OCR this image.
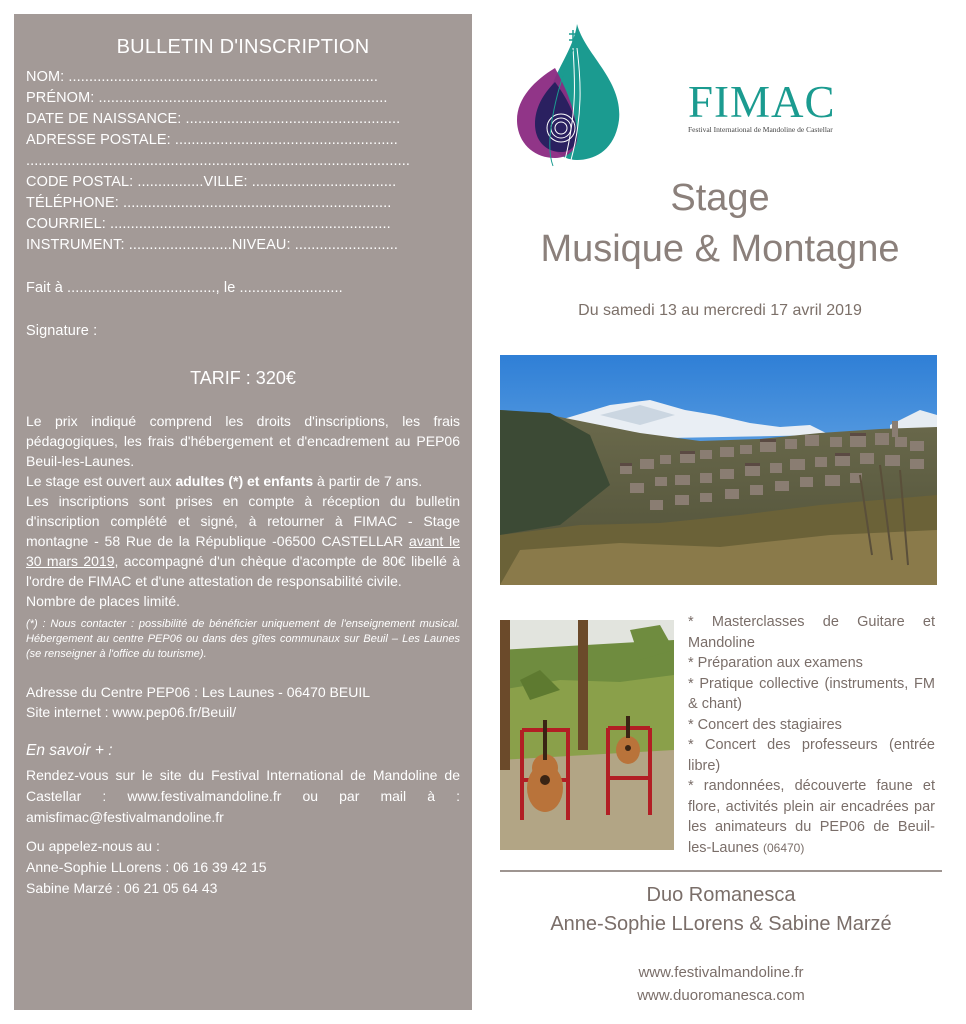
BULLETIN D'INSCRIPTION
NOM: ...........................................................................
PRÉNOM: ......................................................................
DATE DE NAISSANCE: ....................................................
ADRESSE POSTALE: ......................................................
.............................................................................................
CODE POSTAL: ................VILLE: ...................................
TÉLÉPHONE: .................................................................
COURRIEL: ....................................................................
INSTRUMENT: .........................NIVEAU: .........................
Fait à ...................................., le .........................
Signature :
TARIF : 320€
Le prix indiqué comprend les droits d'inscriptions, les frais pédagogiques, les frais d'hébergement et d'encadrement au PEP06 Beuil-les-Launes.
Le stage est ouvert aux adultes (*) et enfants à partir de 7 ans.
Les inscriptions sont prises en compte à réception du bulletin d'inscription complété et signé, à retourner à FIMAC - Stage montagne - 58 Rue de la République -06500 CASTELLAR avant le 30 mars 2019, accompagné d'un chèque d'acompte de 80€ libellé à l'ordre de FIMAC et d'une attestation de responsabilité civile.
Nombre de places limité.
(*) : Nous contacter : possibilité de bénéficier uniquement de l'enseignement musical. Hébergement au centre PEP06 ou dans des gîtes communaux sur Beuil – Les Launes (se renseigner à l'office du tourisme).
Adresse du Centre PEP06 : Les Launes - 06470 BEUIL
Site internet : www.pep06.fr/Beuil/
En savoir + :
Rendez-vous sur le site du Festival International de Mandoline de Castellar : www.festivalmandoline.fr ou par mail à : amisfimac@festivalmandoline.fr
Ou appelez-nous au :
Anne-Sophie LLorens : 06 16 39 42 15
Sabine Marzé : 06 21 05 64 43
FIMAC
Festival International de Mandoline de Castellar
Stage
Musique & Montagne
Du samedi 13 au mercredi 17 avril 2019
* Masterclasses de Guitare et Mandoline
* Préparation aux examens
* Pratique collective (instruments, FM & chant)
* Concert des stagiaires
* Concert des professeurs (entrée libre)
* randonnées, découverte faune et flore, activités plein air encadrées par les animateurs du PEP06 de Beuil-les-Launes (06470)
Duo Romanesca
Anne-Sophie LLorens & Sabine Marzé
www.festivalmandoline.fr
www.duoromanesca.com
